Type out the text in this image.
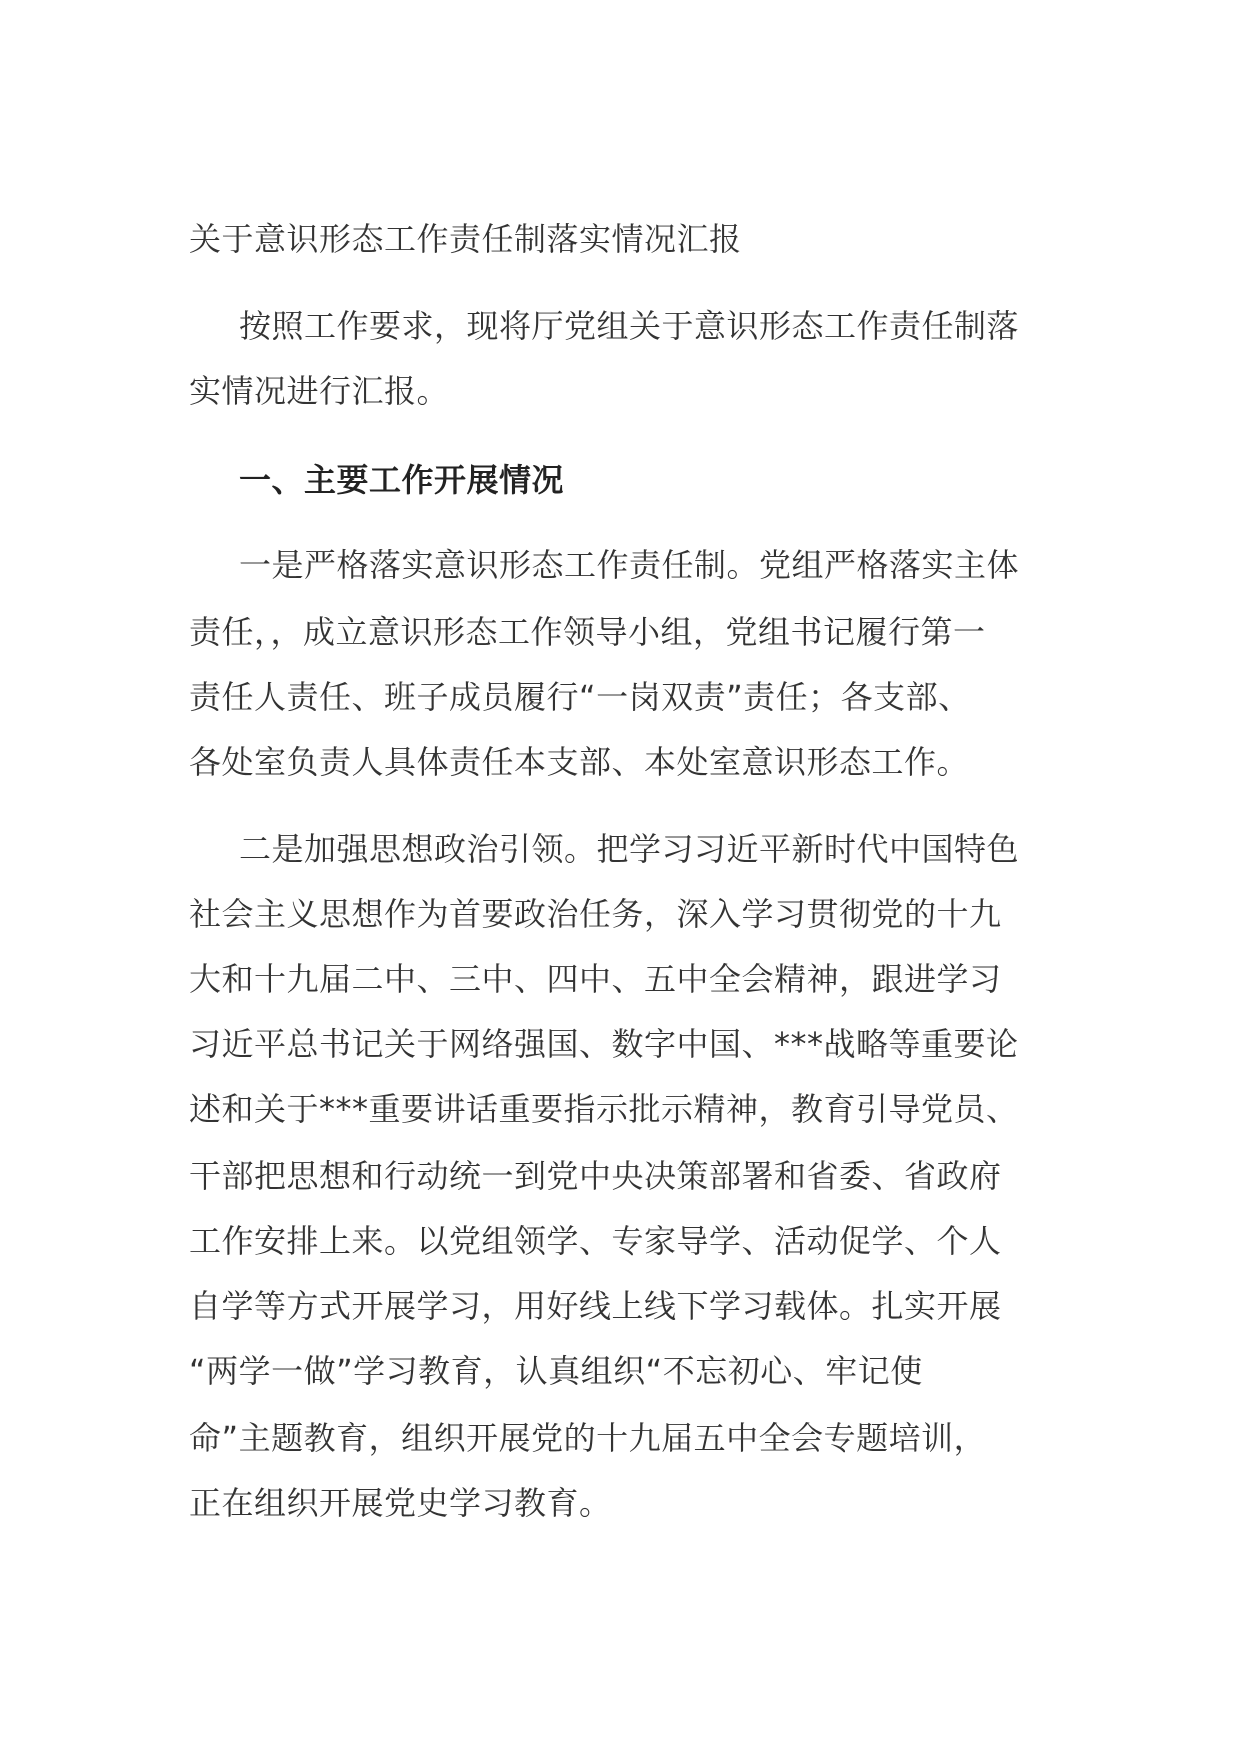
关于意识形态工作责任制落实情况汇报
按照工作要求，现将厅党组关于意识形态工作责任制落
实情况进行汇报。
一、主要工作开展情况
一是严格落实意识形态工作责任制。党组严格落实主体
责任，，成立意识形态工作领导小组，党组书记履行第一
责任人责任、班子成员履行“一岗双责”责任；各支部、
各处室负责人具体责任本支部、本处室意识形态工作。
二是加强思想政治引领。把学习习近平新时代中国特色
社会主义思想作为首要政治任务，深入学习贯彻党的十九
大和十九届二中、三中、四中、五中全会精神，跟进学习
习近平总书记关于网络强国、数字中国、***战略等重要论
述和关于***重要讲话重要指示批示精神，教育引导党员、
干部把思想和行动统一到党中央决策部署和省委、省政府
工作安排上来。以党组领学、专家导学、活动促学、个人
自学等方式开展学习，用好线上线下学习载体。扎实开展
“两学一做”学习教育，认真组织“不忘初心、牢记使
命”主题教育，组织开展党的十九届五中全会专题培训，
正在组织开展党史学习教育。
